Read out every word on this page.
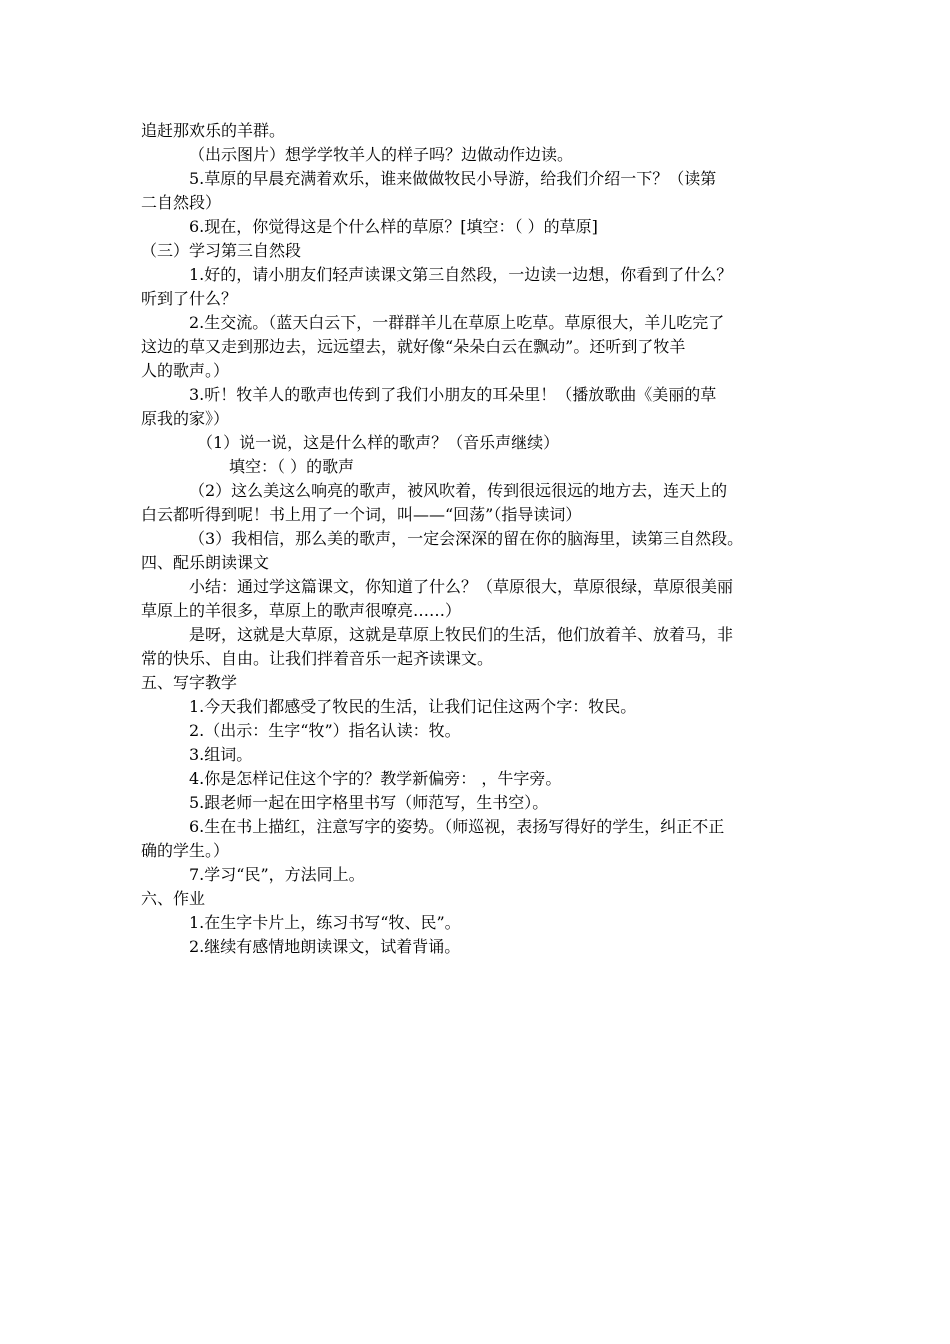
追赶那欢乐的羊群。
（出示图片）想学学牧羊人的样子吗？边做动作边读。
5.草原的早晨充满着欢乐，谁来做做牧民小导游，给我们介绍一下？（读第
二自然段）
6.现在，你觉得这是个什么样的草原？[填空：（ ）的草原]
（三）学习第三自然段
1.好的，请小朋友们轻声读课文第三自然段，一边读一边想，你看到了什么？
听到了什么？
2.生交流。（蓝天白云下，一群群羊儿在草原上吃草。草原很大，羊儿吃完了
这边的草又走到那边去，远远望去，就好像“朵朵白云在飘动”。还听到了牧羊
人的歌声。）
3.听！牧羊人的歌声也传到了我们小朋友的耳朵里！（播放歌曲《美丽的草
原我的家》）
（1）说一说，这是什么样的歌声？（音乐声继续）
填空：（ ）的歌声
（2）这么美这么响亮的歌声，被风吹着，传到很远很远的地方去，连天上的
白云都听得到呢！书上用了一个词，叫——“回荡”（指导读词）
（3）我相信，那么美的歌声，一定会深深的留在你的脑海里，读第三自然段。
四、配乐朗读课文
小结：通过学这篇课文，你知道了什么？（草原很大，草原很绿，草原很美丽
草原上的羊很多，草原上的歌声很嘹亮……）
是呀，这就是大草原，这就是草原上牧民们的生活，他们放着羊、放着马，非
常的快乐、自由。让我们拌着音乐一起齐读课文。
五、写字教学
1.今天我们都感受了牧民的生活，让我们记住这两个字：牧民。
2.（出示：生字“牧”）指名认读：牧。
3.组词。
4.你是怎样记住这个字的？教学新偏旁： ，牛字旁。
5.跟老师一起在田字格里书写（师范写，生书空）。
6.生在书上描红，注意写字的姿势。（师巡视，表扬写得好的学生，纠正不正
确的学生。）
7.学习“民”，方法同上。
六、作业
1.在生字卡片上，练习书写“牧、民”。
2.继续有感情地朗读课文，试着背诵。
